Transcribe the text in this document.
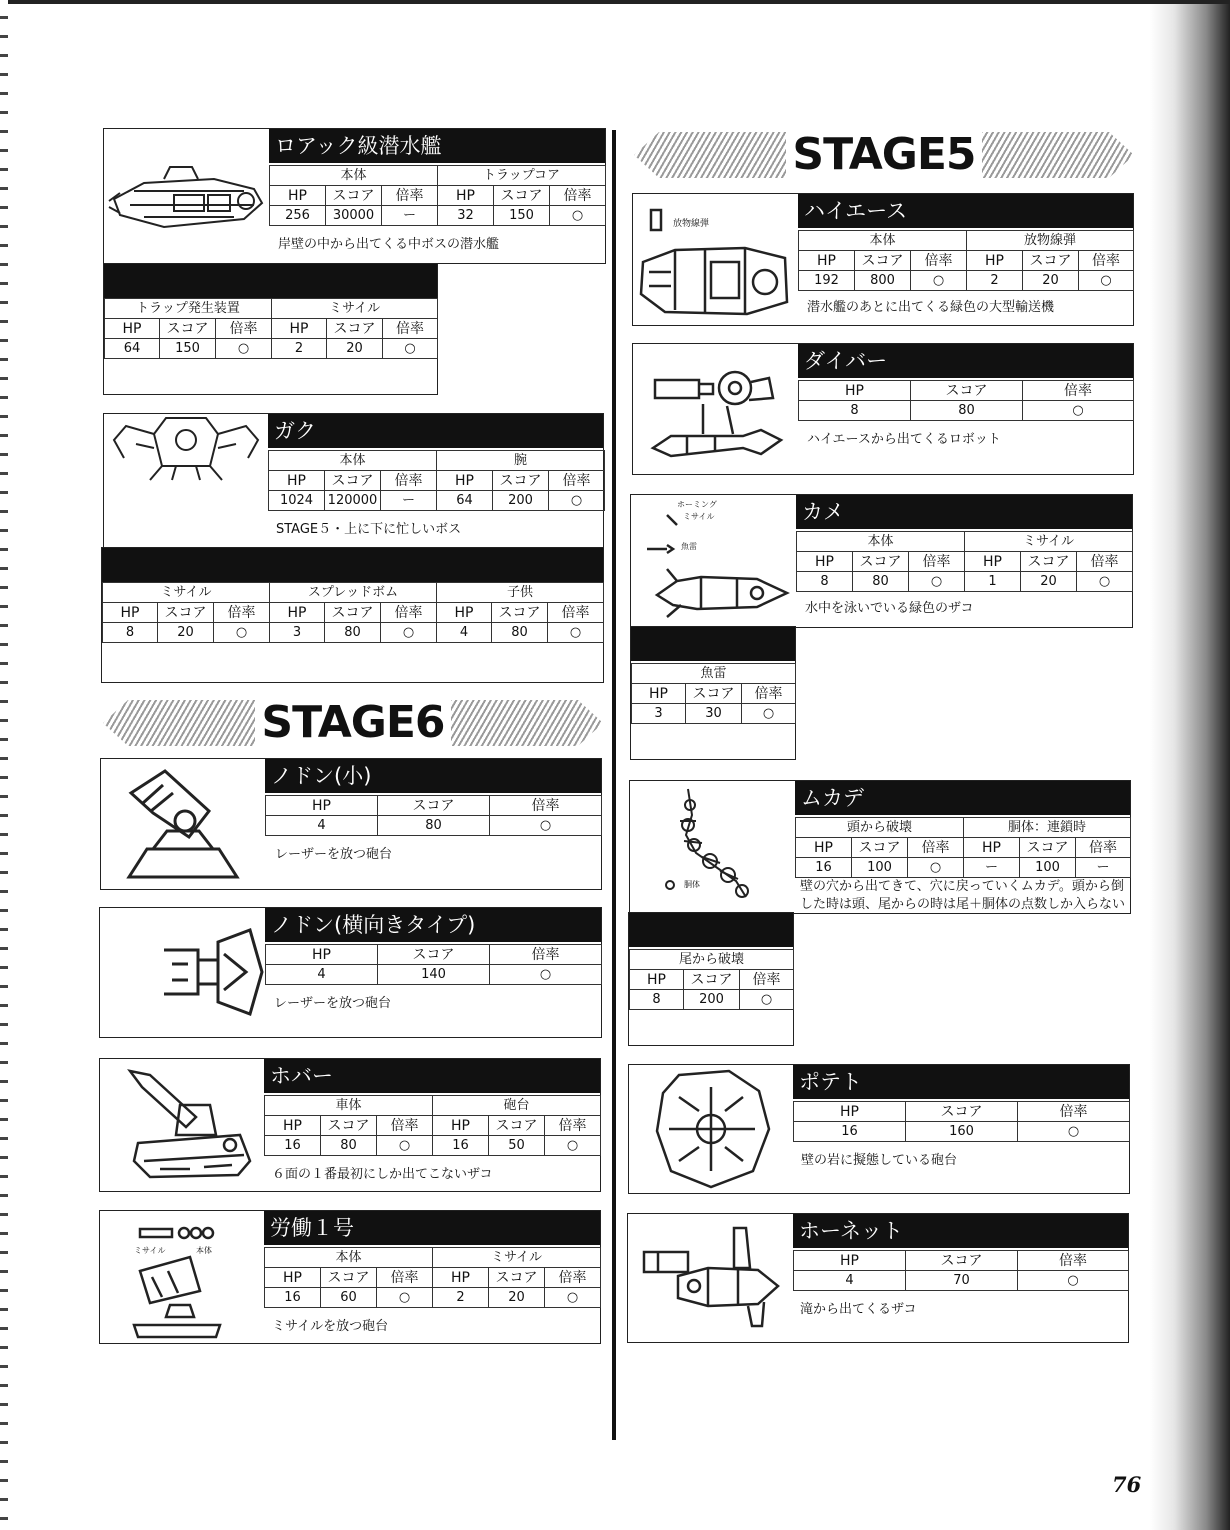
ロアック級潜水艦
本体			トラップコア		
HP	スコア	倍率	HP	スコア	倍率
256	30000	ー	32	150	○
岸壁の中から出てくる中ボスの潜水艦
トラップ発生装置			ミサイル		
HP	スコア	倍率	HP	スコア	倍率
64	150	○	2	20	○
ガク
本体			腕		
HP	スコア	倍率	HP	スコア	倍率
1024	120000	ー	64	200	○
STAGE５・上に下に忙しいボス
ミサイル			スプレッドボム			子供		
HP	スコア	倍率	HP	スコア	倍率	HP	スコア	倍率
8	20	○	3	80	○	4	80	○
STAGE6
ノドン(小)
HP	スコア	倍率
4	80	○
レーザーを放つ砲台
ノドン(横向きタイプ)
HP	スコア	倍率
4	140	○
レーザーを放つ砲台
ホバー
車体			砲台		
HP	スコア	倍率	HP	スコア	倍率
16	80	○	16	50	○
６面の１番最初にしか出てこないザコ
ミサイル	本体
労働１号
本体			ミサイル		
HP	スコア	倍率	HP	スコア	倍率
16	60	○	2	20	○
ミサイルを放つ砲台
STAGE5
放物線弾
ハイエース
本体			放物線弾		
HP	スコア	倍率	HP	スコア	倍率
192	800	○	2	20	○
潜水艦のあとに出てくる緑色の大型輸送機
ダイバー
HP	スコア	倍率
8	80	○
ハイエースから出てくるロボット
ホーミング
ミサイル
魚雷
カメ
本体			ミサイル		
HP	スコア	倍率	HP	スコア	倍率
8	80	○	1	20	○
水中を泳いでいる緑色のザコ
魚雷		
HP	スコア	倍率
3	30	○
胴体
ムカデ
頭から破壊			胴体：連鎖時		
HP	スコア	倍率	HP	スコア	倍率
16	100	○	ー	100	ー
壁の穴から出てきて、穴に戻っていくムカデ。頭から倒
した時は頭、尾からの時は尾＋胴体の点数しか入らない
尾から破壊		
HP	スコア	倍率
8	200	○
ポテト
HP	スコア	倍率
16	160	○
壁の岩に擬態している砲台
ホーネット
HP	スコア	倍率
4	70	○
滝から出てくるザコ
76
